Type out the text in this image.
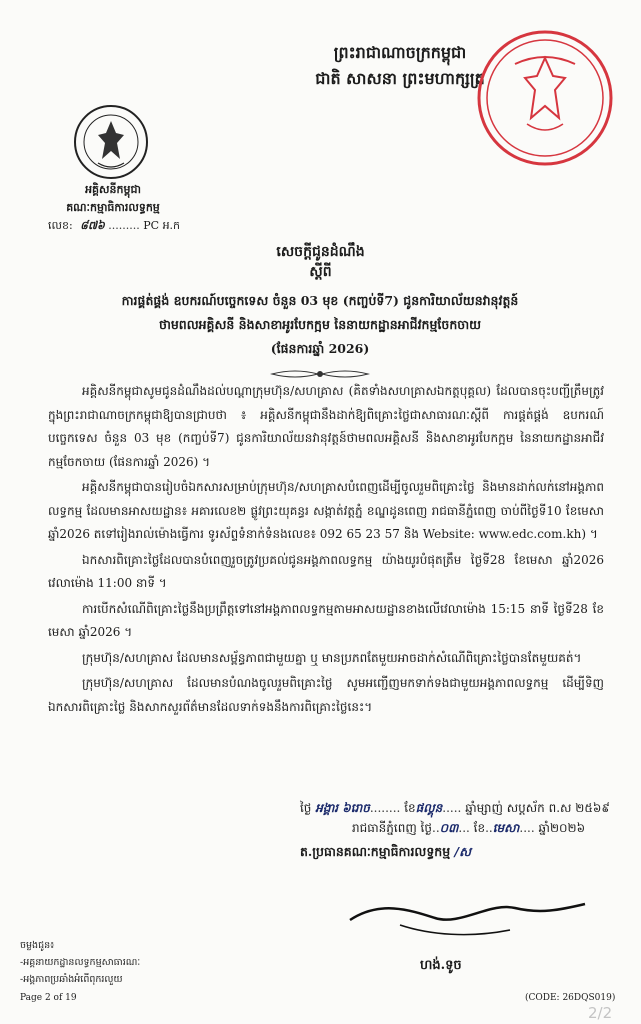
ព្រះរាជាណាចក្រកម្ពុជា
ជាតិ សាសនា ព្រះមហាក្សត្រ
អគ្គិសនីកម្ពុជា
គណៈកម្មាធិការលទ្ធកម្ម
លេខ: ៨៧៦ ......... PC អ.ក
សេចក្តីជូនដំណឹង
ស្តីពី
ការផ្គត់ផ្គង់ ឧបករណ៍បច្ចេកទេស ចំនួន 03 មុខ (កញ្ចប់ទី7) ជូនការិយាល័យនវានុវត្តន៍
ថាមពលអគ្គិសនី និងសាខាអូរបែកក្អម នៃនាយកដ្ឋានអាជីវកម្មចែកចាយ
(ផែនការឆ្នាំ 2026)

អគ្គិសនីកម្ពុជាសូមជូនដំណឹងដល់បណ្តាក្រុមហ៊ុន/សហគ្រាស (គិតទាំងសហគ្រាសឯកត្តបុគ្គល) ដែលបានចុះបញ្ជីត្រឹមត្រូវក្នុងព្រះរាជាណាចក្រកម្ពុជាឱ្យបានជ្រាបថា ៖ អគ្គិសនីកម្ពុជានឹងដាក់ឱ្យពិគ្រោះថ្លៃជាសាធារណៈស្តីពី ការផ្គត់ផ្គង់ ឧបករណ៍បច្ចេកទេស ចំនួន 03 មុខ (កញ្ចប់ទី7) ជូនការិយាល័យនវានុវត្តន៍ថាមពលអគ្គិសនី និងសាខាអូរបែកក្អម នៃនាយកដ្ឋានអាជីវកម្មចែកចាយ (ផែនការឆ្នាំ 2026) ។

អគ្គិសនីកម្ពុជាបានរៀបចំឯកសារសម្រាប់ក្រុមហ៊ុន/សហគ្រាសបំពេញដើម្បីចូលរួមពិគ្រោះថ្លៃ និងមានដាក់លក់នៅអង្គភាពលទ្ធកម្ម ដែលមានអាសយដ្ឋាន៖ អគារលេខ២ ផ្លូវព្រះយុគន្ធរ សង្កាត់វត្តភ្នំ ខណ្ឌដូនពេញ រាជធានីភ្នំពេញ ចាប់ពីថ្ងៃទី10 ខែមេសា ឆ្នាំ2026 តទៅរៀងរាល់ម៉ោងធ្វើការ ទូរស័ព្ទទំនាក់ទំនងលេខ៖ 092 65 23 57 និង Website: www.edc.com.kh) ។

ឯកសារពិគ្រោះថ្លៃដែលបានបំពេញរួចត្រូវប្រគល់ជូនអង្គភាពលទ្ធកម្ម យ៉ាងយូរបំផុតត្រឹម ថ្ងៃទី28 ខែមេសា ឆ្នាំ2026 វេលាម៉ោង 11:00 នាទី ។

ការបើកសំណើពិគ្រោះថ្លៃនឹងប្រព្រឹត្តទៅនៅអង្គភាពលទ្ធកម្មតាមអាសយដ្ឋានខាងលើវេលាម៉ោង 15:15 នាទី ថ្ងៃទី28 ខែមេសា ឆ្នាំ2026 ។

ក្រុមហ៊ុន/សហគ្រាស ដែលមានសម្ព័ន្ធភាពជាមួយគ្នា ឬ មានប្រភពតែមួយអាចដាក់សំណើពិគ្រោះថ្លៃបានតែមួយគត់។

ក្រុមហ៊ុន/សហគ្រាស ដែលមានបំណងចូលរួមពិគ្រោះថ្លៃ សូមអញ្ជើញមកទាក់ទងជាមួយអង្គភាពលទ្ធកម្ម ដើម្បីទិញ ឯកសារពិគ្រោះថ្លៃ និងសាកសួរព័ត៌មានដែលទាក់ទងនឹងការពិគ្រោះថ្លៃនេះ។

ថ្ងៃ អង្គារ ៦រោច........ ខែផល្គុន..... ឆ្នាំម្សាញ់ សប្តស័ក ព.ស ២៥៦៩
រាជធានីភ្នំពេញ ថ្ងៃ..០៣... ខែ..មេសា.... ឆ្នាំ២០២៦
ត.ប្រធានគណៈកម្មាធិការលទ្ធកម្ម /ស
ហង់.ទូច
ចម្លងជូន៖
-អគ្គនាយកដ្ឋានលទ្ធកម្មសាធារណៈ
-អង្គភាពប្រឆាំងអំពើពុករលួយ
Page 2 of 19	(CODE: 26DQS019)
2/2
